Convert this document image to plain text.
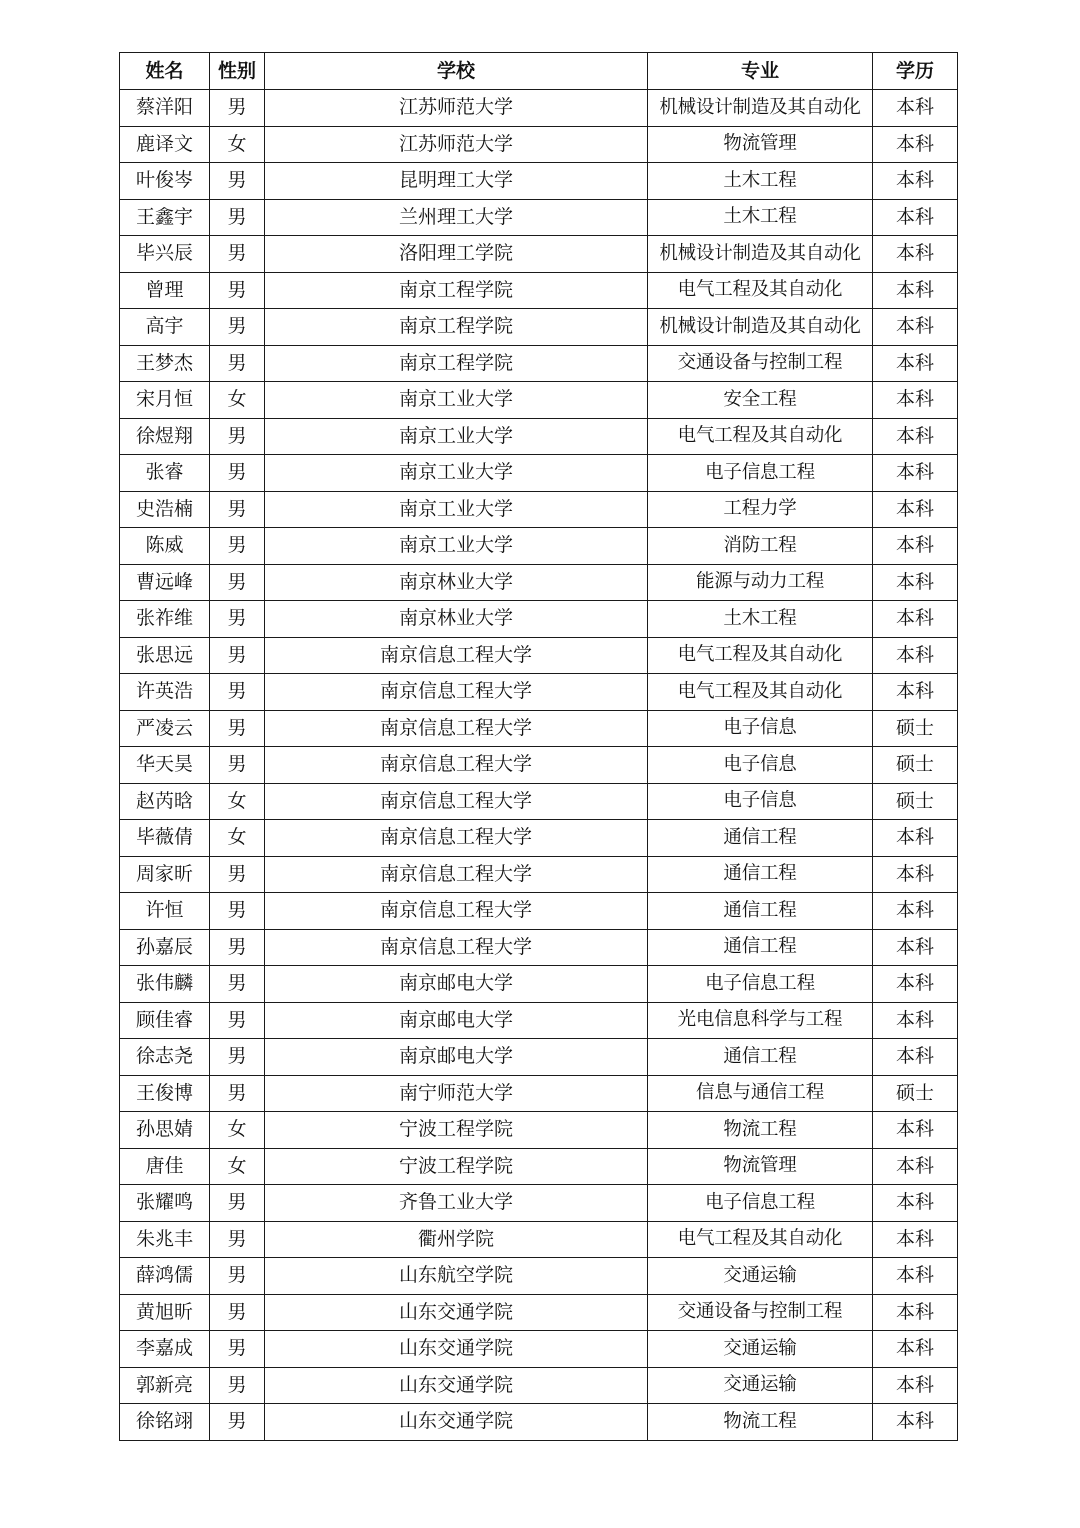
姓名	性别	学校	专业	学历
蔡洋阳	男	江苏师范大学	机械设计制造及其自动化	本科
鹿译文	女	江苏师范大学	物流管理	本科
叶俊岑	男	昆明理工大学	土木工程	本科
王鑫宇	男	兰州理工大学	土木工程	本科
毕兴辰	男	洛阳理工学院	机械设计制造及其自动化	本科
曾理	男	南京工程学院	电气工程及其自动化	本科
高宇	男	南京工程学院	机械设计制造及其自动化	本科
王梦杰	男	南京工程学院	交通设备与控制工程	本科
宋月恒	女	南京工业大学	安全工程	本科
徐煜翔	男	南京工业大学	电气工程及其自动化	本科
张睿	男	南京工业大学	电子信息工程	本科
史浩楠	男	南京工业大学	工程力学	本科
陈威	男	南京工业大学	消防工程	本科
曹远峰	男	南京林业大学	能源与动力工程	本科
张祚维	男	南京林业大学	土木工程	本科
张思远	男	南京信息工程大学	电气工程及其自动化	本科
许英浩	男	南京信息工程大学	电气工程及其自动化	本科
严凌云	男	南京信息工程大学	电子信息	硕士
华天昊	男	南京信息工程大学	电子信息	硕士
赵芮晗	女	南京信息工程大学	电子信息	硕士
毕薇倩	女	南京信息工程大学	通信工程	本科
周家昕	男	南京信息工程大学	通信工程	本科
许恒	男	南京信息工程大学	通信工程	本科
孙嘉辰	男	南京信息工程大学	通信工程	本科
张伟麟	男	南京邮电大学	电子信息工程	本科
顾佳睿	男	南京邮电大学	光电信息科学与工程	本科
徐志尧	男	南京邮电大学	通信工程	本科
王俊博	男	南宁师范大学	信息与通信工程	硕士
孙思婧	女	宁波工程学院	物流工程	本科
唐佳	女	宁波工程学院	物流管理	本科
张耀鸣	男	齐鲁工业大学	电子信息工程	本科
朱兆丰	男	衢州学院	电气工程及其自动化	本科
薛鸿儒	男	山东航空学院	交通运输	本科
黄旭昕	男	山东交通学院	交通设备与控制工程	本科
李嘉成	男	山东交通学院	交通运输	本科
郭新亮	男	山东交通学院	交通运输	本科
徐铭翊	男	山东交通学院	物流工程	本科
